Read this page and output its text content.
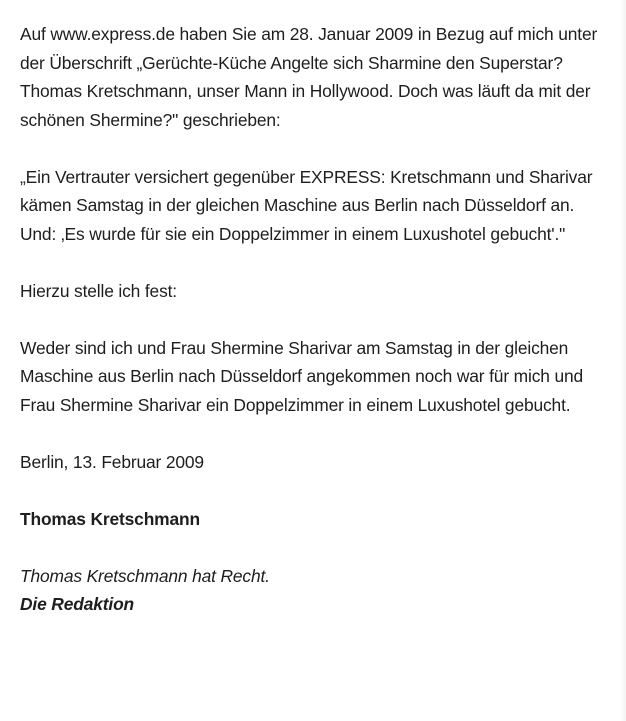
Auf www.express.de haben Sie am 28. Januar 2009 in Bezug auf mich unter der Überschrift „Gerüchte-Küche Angelte sich Sharmine den Superstar? Thomas Kretschmann, unser Mann in Hollywood. Doch was läuft da mit der schönen Shermine?" geschrieben:

„Ein Vertrauter versichert gegenüber EXPRESS: Kretschmann und Sharivar kämen Samstag in der gleichen Maschine aus Berlin nach Düsseldorf an. Und: ‚Es wurde für sie ein Doppelzimmer in einem Luxushotel gebucht'."

Hierzu stelle ich fest:

Weder sind ich und Frau Shermine Sharivar am Samstag in der gleichen Maschine aus Berlin nach Düsseldorf angekommen noch war für mich und Frau Shermine Sharivar ein Doppelzimmer in einem Luxushotel gebucht.

Berlin, 13. Februar 2009

Thomas Kretschmann

Thomas Kretschmann hat Recht.

Die Redaktion
